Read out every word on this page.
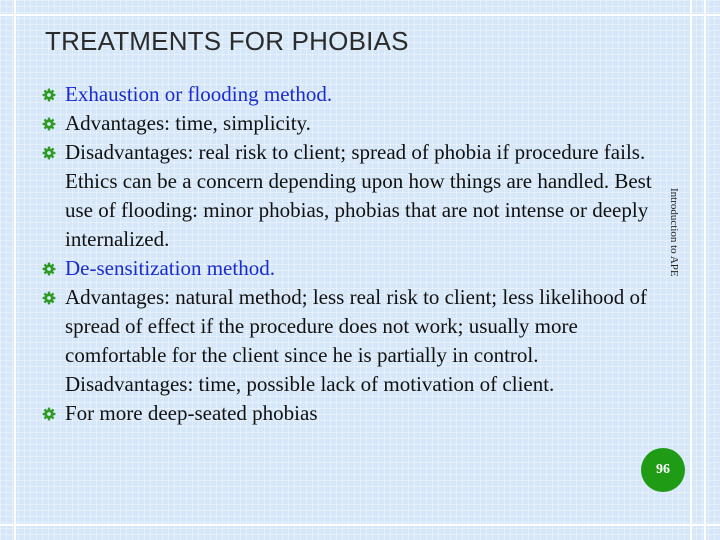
TREATMENTS FOR PHOBIAS
Exhaustion or flooding method.
Advantages: time, simplicity.
Disadvantages: real risk to client; spread of phobia if procedure fails. Ethics can be a concern depending upon how things are handled. Best use of flooding: minor phobias, phobias that are not intense or deeply internalized.
De-sensitization method.
Advantages: natural method; less real risk to client; less likelihood of spread of effect if the procedure does not work; usually more comfortable for the client since he is partially in control. Disadvantages: time, possible lack of motivation of client.
For more deep-seated phobias
Introduction to APE
96
